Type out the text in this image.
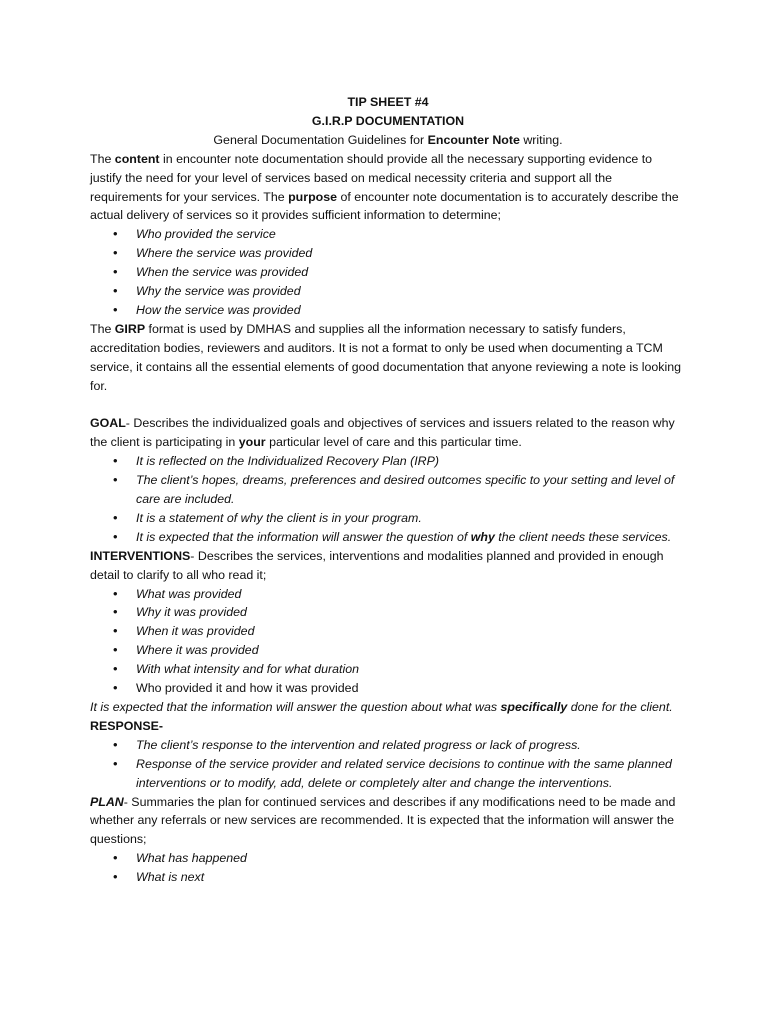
TIP SHEET #4

G.I.R.P DOCUMENTATION

General Documentation Guidelines for Encounter Note writing.

The content in encounter note documentation should provide all the necessary supporting evidence to justify the need for your level of services based on medical necessity criteria and support all the requirements for your services. The purpose of encounter note documentation is to accurately describe the actual delivery of services so it provides sufficient information to determine;

• Who provided the service
• Where the service was provided
• When the service was provided
• Why the service was provided
• How the service was provided

The GIRP format is used by DMHAS and supplies all the information necessary to satisfy funders, accreditation bodies, reviewers and auditors. It is not a format to only be used when documenting a TCM service, it contains all the essential elements of good documentation that anyone reviewing a note is looking for.

GOAL- Describes the individualized goals and objectives of services and issuers related to the reason why the client is participating in your particular level of care and this particular time.

• It is reflected on the Individualized Recovery Plan (IRP)
• The client’s hopes, dreams, preferences and desired outcomes specific to your setting and level of care are included.
• It is a statement of why the client is in your program.
• It is expected that the information will answer the question of why the client needs these services.

INTERVENTIONS- Describes the services, interventions and modalities planned and provided in enough detail to clarify to all who read it;

• What was provided
• Why it was provided
• When it was provided
• Where it was provided
• With what intensity and for what duration
• Who provided it and how it was provided

It is expected that the information will answer the question about what was specifically done for the client.

RESPONSE-

• The client’s response to the intervention and related progress or lack of progress.
• Response of the service provider and related service decisions to continue with the same planned interventions or to modify, add, delete or completely alter and change the interventions.

PLAN- Summaries the plan for continued services and describes if any modifications need to be made and whether any referrals or new services are recommended. It is expected that the information will answer the questions;

• What has happened
• What is next
